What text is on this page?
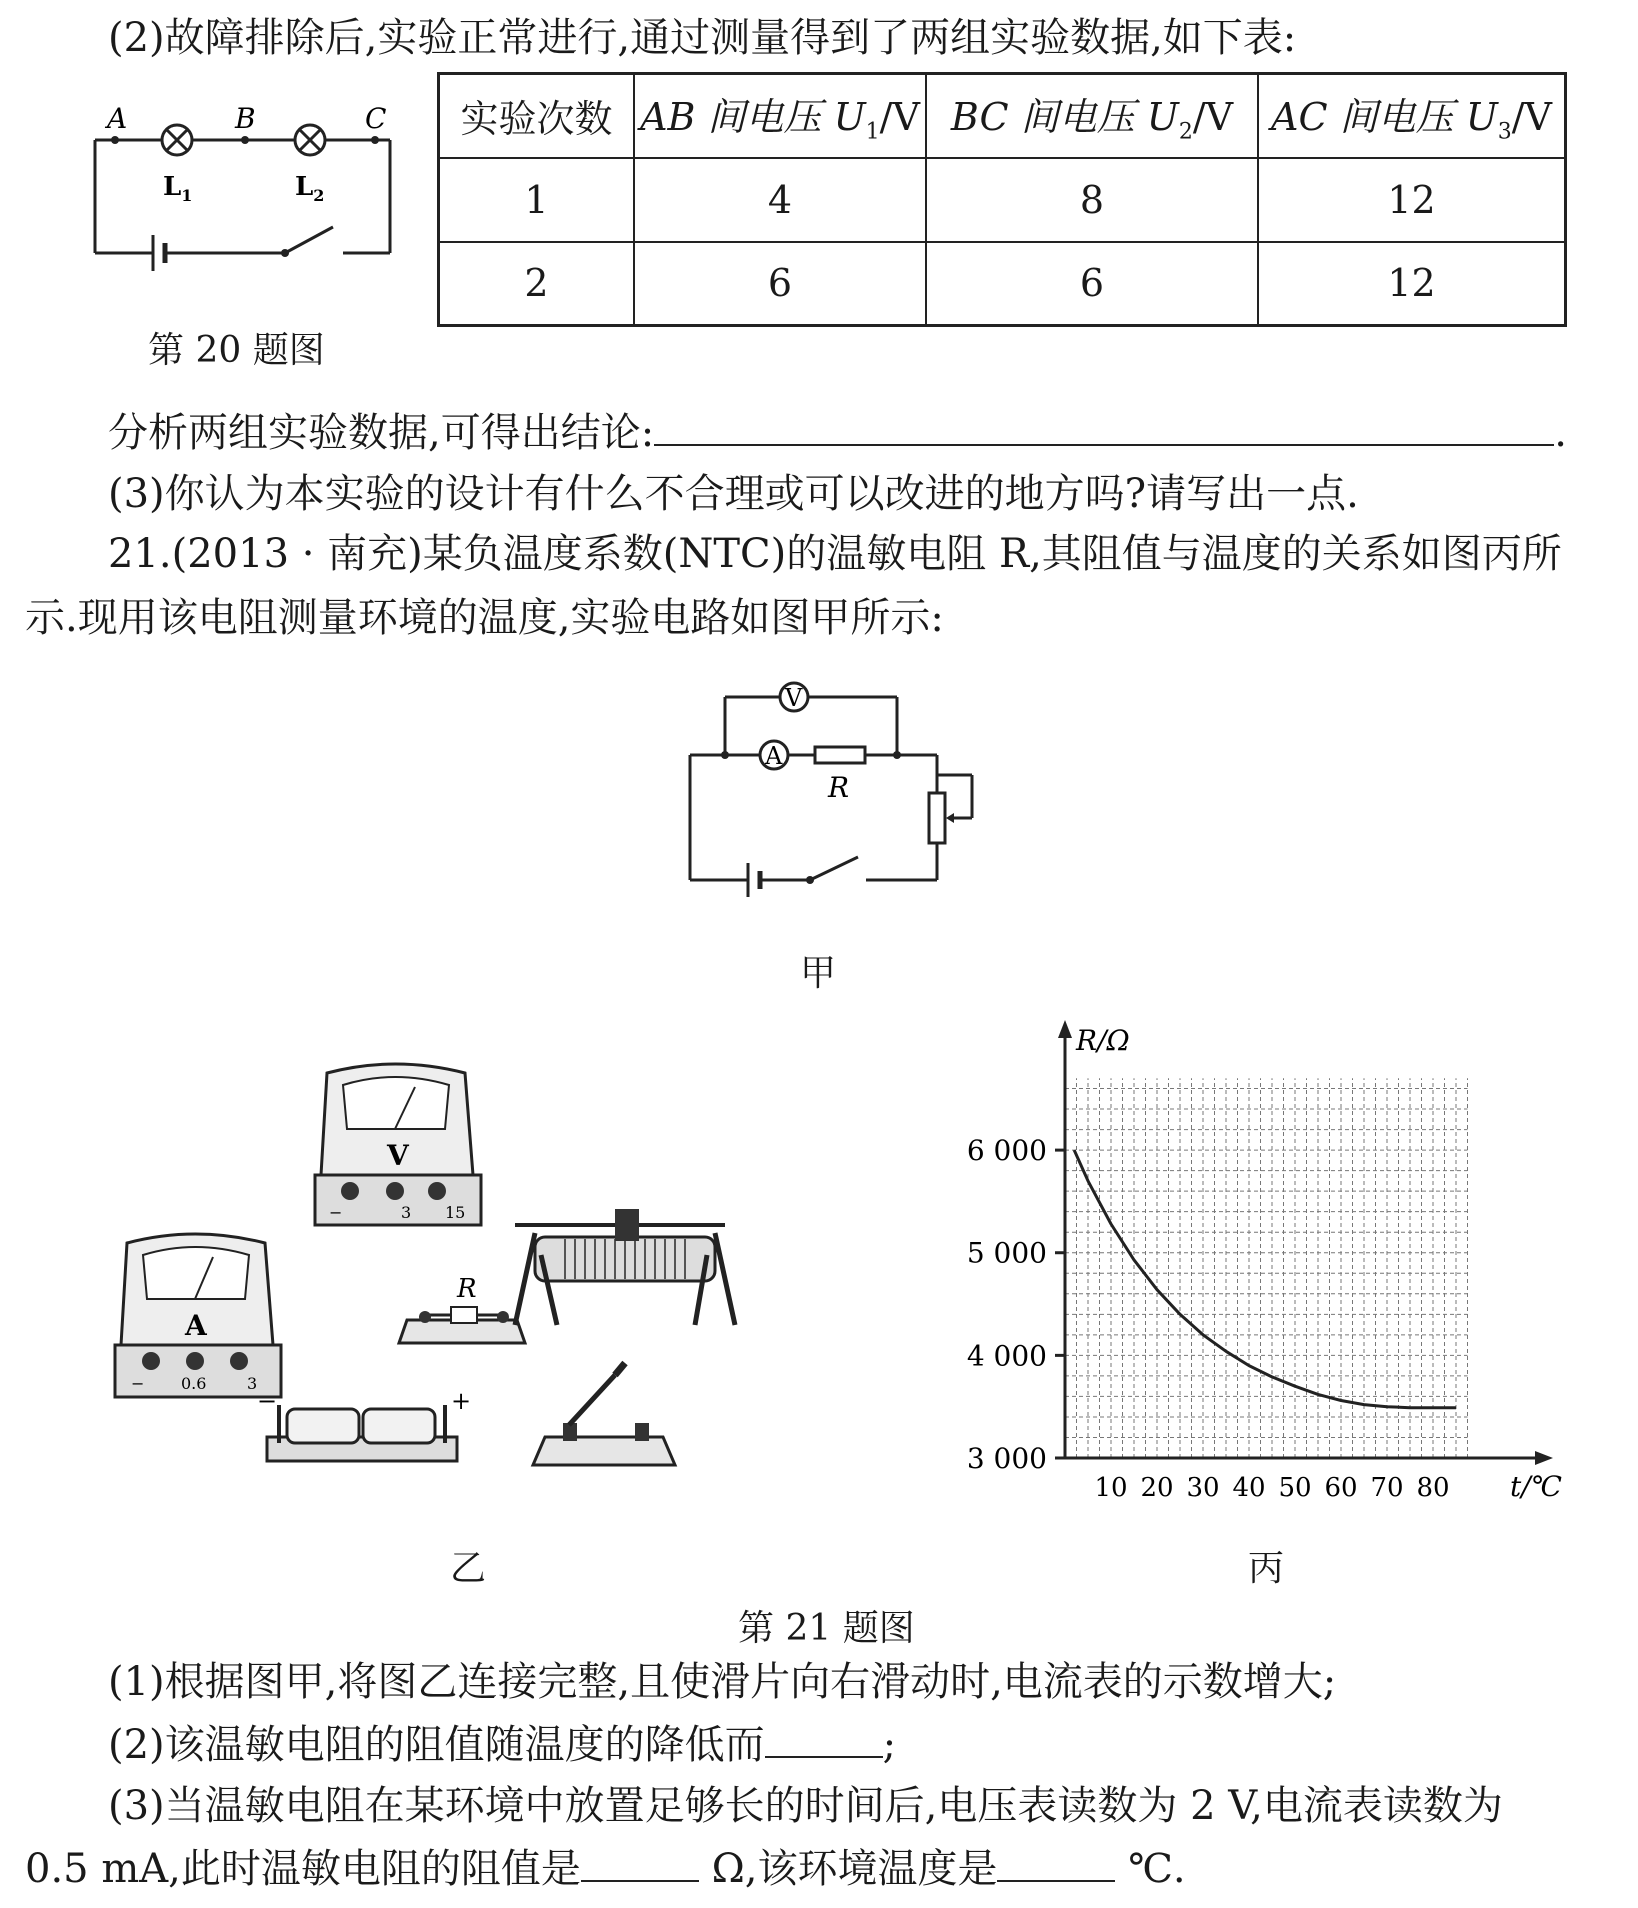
(2)故障排除后,实验正常进行,通过测量得到了两组实验数据,如下表:
A	B	C
$L_1$	$L_2$
第 20 题图
实验次数	AB 间电压 $U_1/V$	BC 间电压 $U_2/V$	AC 间电压 $U_3/V$
1	4	8	12
2	6	6	12
分析两组实验数据,可得出结论:	.
(3)你认为本实验的设计有什么不合理或可以改进的地方吗?请写出一点.
21.(2013 · 南充)某负温度系数(NTC)的温敏电阻 R,其阻值与温度的关系如图丙所
示.现用该电阻测量环境的温度,实验电路如图甲所示:
V
A
R
甲
V
−	3 15
A
− 0.6	3
R
−	+
乙
3 000
4 000
5 000
6 000
10 20 30 40 50 60 70 80
R/Ω
t/℃
丙
第 21 题图
(1)根据图甲,将图乙连接完整,且使滑片向右滑动时,电流表的示数增大;
(2)该温敏电阻的阻值随温度的降低而	;
(3)当温敏电阻在某环境中放置足够长的时间后,电压表读数为 2 V,电流表读数为
0.5 mA,此时温敏电阻的阻值是	Ω,该环境温度是	℃.
